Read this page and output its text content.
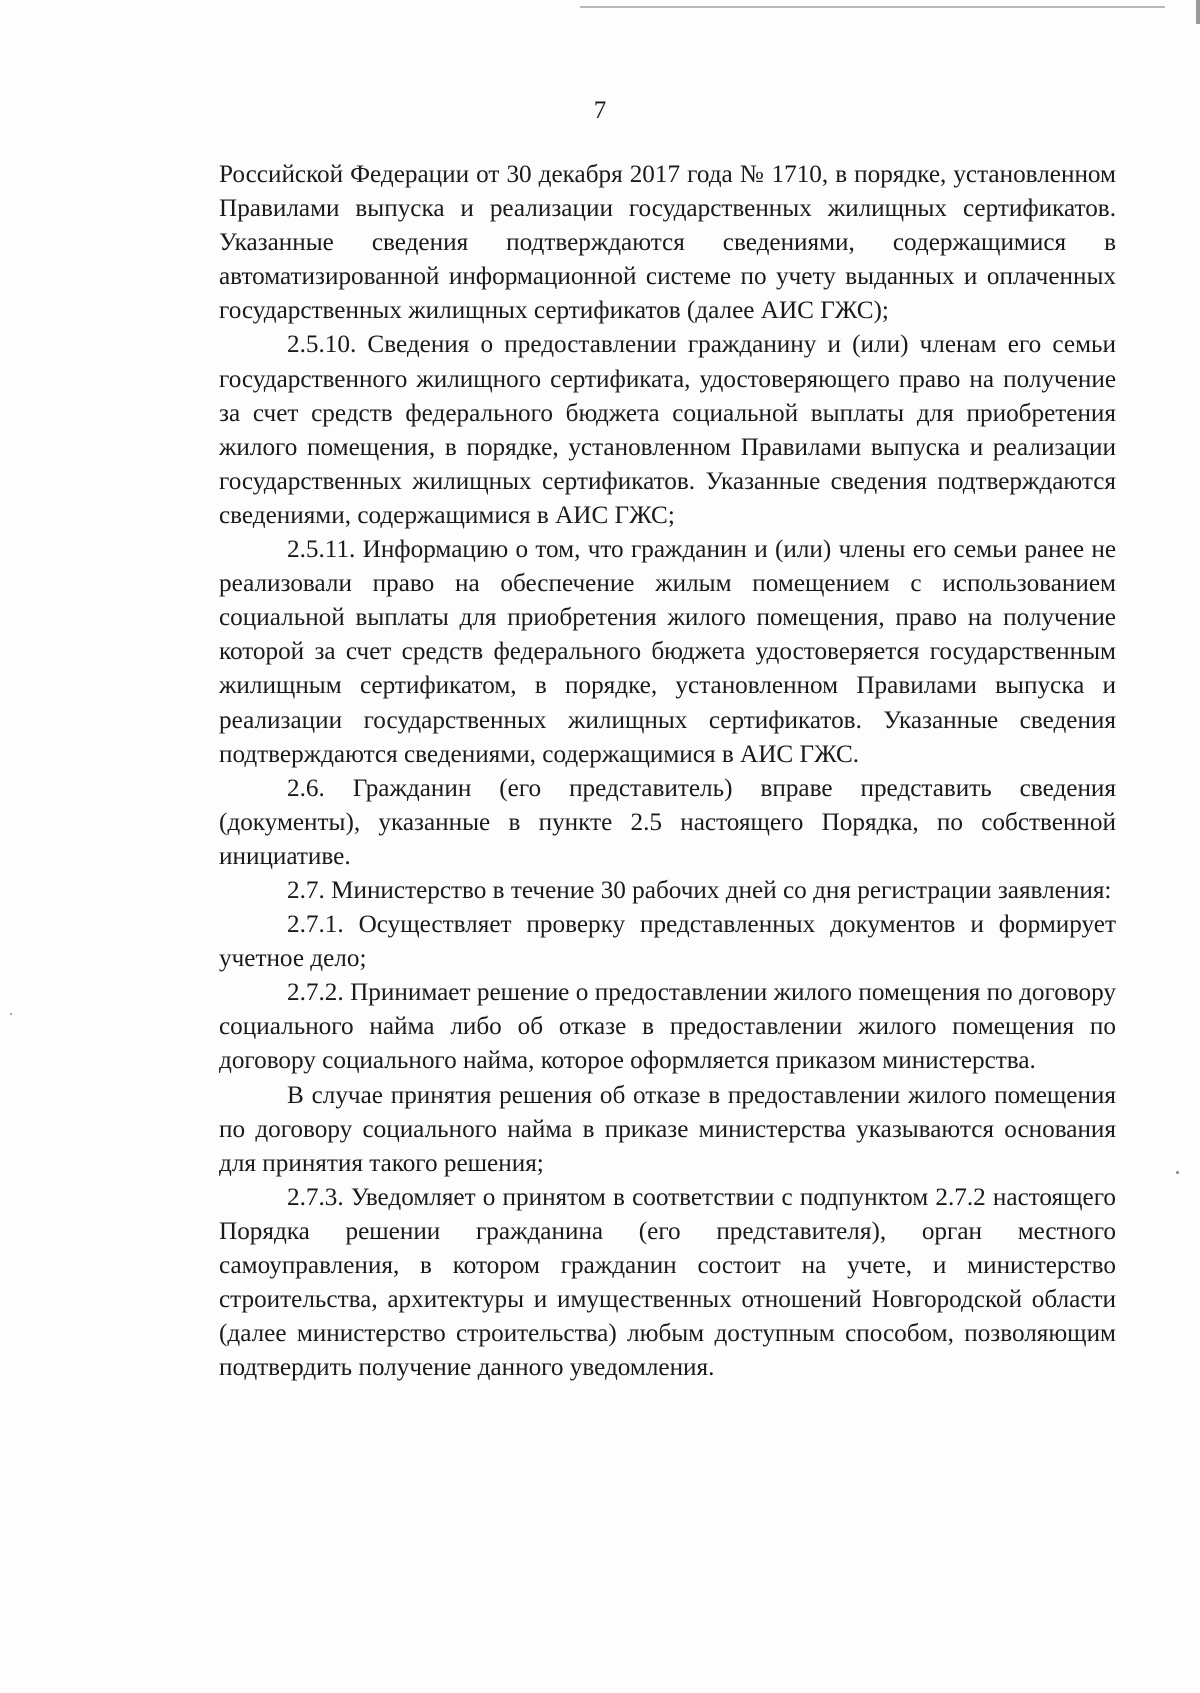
7

Российской Федерации от 30 декабря 2017 года № 1710, в порядке, установленном Правилами выпуска и реализации государственных жилищных сертификатов. Указанные сведения подтверждаются сведениями, содержащимися в автоматизированной информационной системе по учету выданных и оплаченных государственных жилищных сертификатов (далее АИС ГЖС);

2.5.10. Сведения о предоставлении гражданину и (или) членам его семьи государственного жилищного сертификата, удостоверяющего право на получение за счет средств федерального бюджета социальной выплаты для приобретения жилого помещения, в порядке, установленном Правилами выпуска и реализации государственных жилищных сертификатов. Указанные сведения подтверждаются сведениями, содержащимися в АИС ГЖС;

2.5.11. Информацию о том, что гражданин и (или) члены его семьи ранее не реализовали право на обеспечение жилым помещением с использованием социальной выплаты для приобретения жилого помещения, право на получение которой за счет средств федерального бюджета удостоверяется государственным жилищным сертификатом, в порядке, установленном Правилами выпуска и реализации государственных жилищных сертификатов. Указанные сведения подтверждаются сведениями, содержащимися в АИС ГЖС.

2.6. Гражданин (его представитель) вправе представить сведения (документы), указанные в пункте 2.5 настоящего Порядка, по собственной инициативе.

2.7. Министерство в течение 30 рабочих дней со дня регистрации заявления:

2.7.1. Осуществляет проверку представленных документов и формирует учетное дело;

2.7.2. Принимает решение о предоставлении жилого помещения по договору социального найма либо об отказе в предоставлении жилого помещения по договору социального найма, которое оформляется приказом министерства.

В случае принятия решения об отказе в предоставлении жилого помещения по договору социального найма в приказе министерства указываются основания для принятия такого решения;

2.7.3. Уведомляет о принятом в соответствии с подпунктом 2.7.2 настоящего Порядка решении гражданина (его представителя), орган местного самоуправления, в котором гражданин состоит на учете, и министерство строительства, архитектуры и имущественных отношений Новгородской области (далее министерство строительства) любым доступным способом, позволяющим подтвердить получение данного уведомления.
